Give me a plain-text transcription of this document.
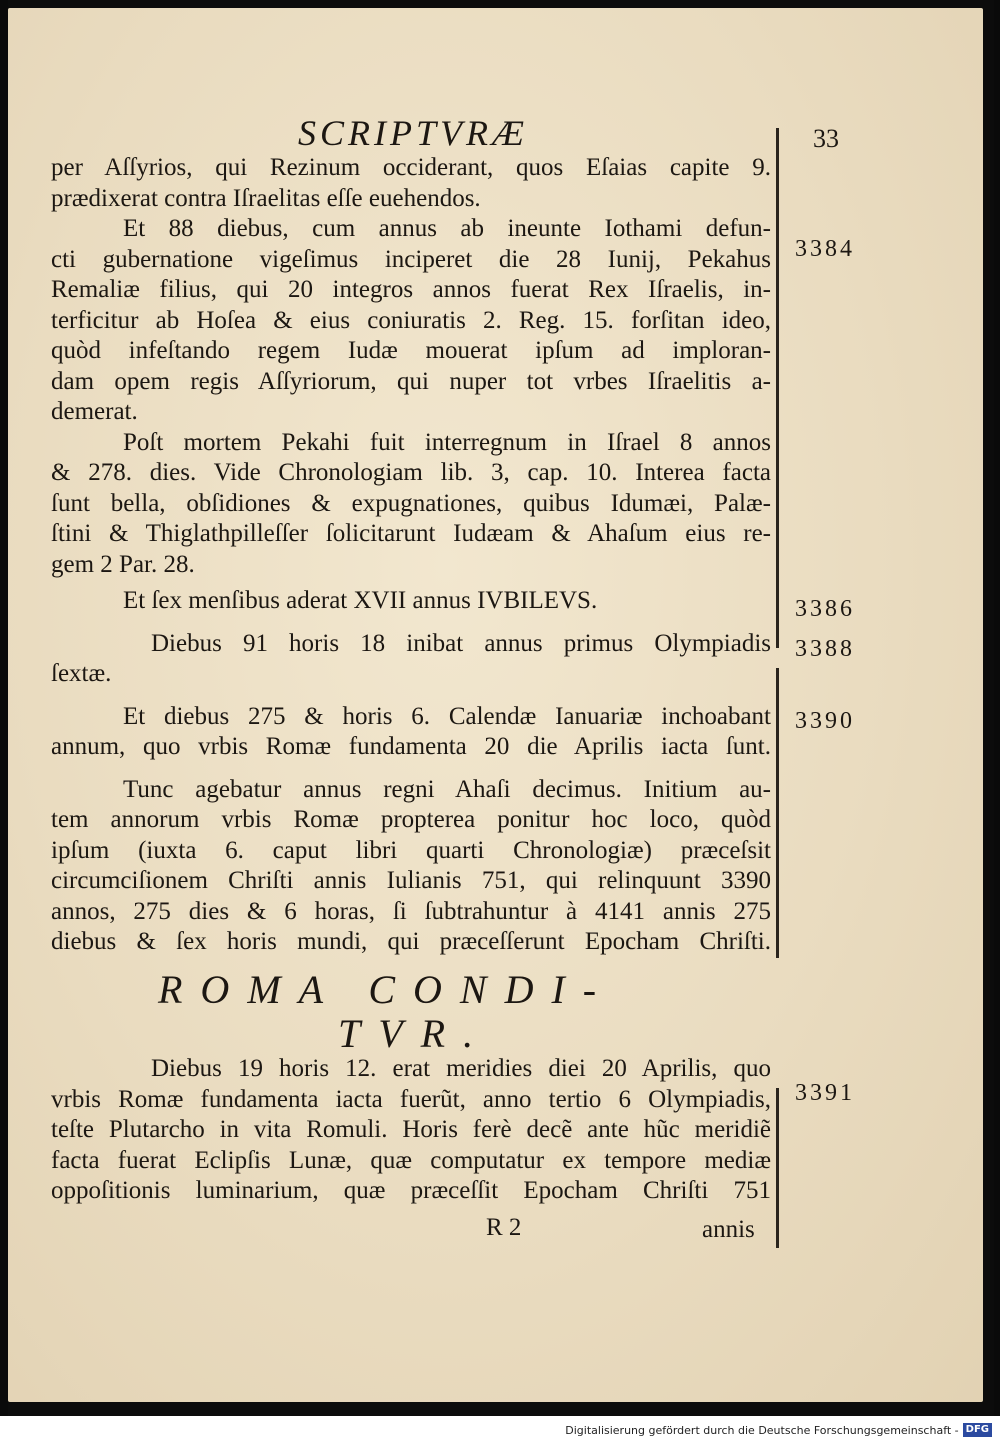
SCRIPTVRÆ	33
per Aſſyrios, qui Rezinum occiderant, quos Eſaias capite 9.
prædixerat contra Iſraelitas eſſe euehendos.
Et 88 diebus, cum annus ab ineunte Iothami defun-
cti gubernatione vigeſimus inciperet die 28 Iunij, Pekahus
Remaliæ filius, qui 20 integros annos fuerat Rex Iſraelis, in-
terficitur ab Hoſea & eius coniuratis 2. Reg. 15. forſitan ideo,
quòd infeſtando regem Iudæ mouerat ipſum ad imploran-
dam opem regis Aſſyriorum, qui nuper tot vrbes Iſraelitis a-
demerat.
Poſt mortem Pekahi fuit interregnum in Iſrael 8 annos
& 278. dies. Vide Chronologiam lib. 3, cap. 10. Interea facta
ſunt bella, obſidiones & expugnationes, quibus Idumæi, Palæ-
ſtini & Thiglathpilleſſer ſolicitarunt Iudæam & Ahaſum eius re-
gem 2 Par. 28.
Et ſex menſibus aderat XVII annus IVBILEVS.
Diebus 91 horis 18 inibat annus primus Olympiadis
ſextæ.
Et diebus 275 & horis 6. Calendæ Ianuariæ inchoabant
annum, quo vrbis Romæ fundamenta 20 die Aprilis iacta ſunt.
Tunc agebatur annus regni Ahaſi decimus. Initium au-
tem annorum vrbis Romæ propterea ponitur hoc loco, quòd
ipſum (iuxta 6. caput libri quarti Chronologiæ) præceſsit
circumciſionem Chriſti annis Iulianis 751, qui relinquunt 3390
annos, 275 dies & 6 horas, ſi ſubtrahuntur à 4141 annis 275
diebus & ſex horis mundi, qui præceſſerunt Epocham Chriſti.
ROMA CONDI-
TVR.
Diebus 19 horis 12. erat meridies diei 20 Aprilis, quo
vrbis Romæ fundamenta iacta fuerũt, anno tertio 6 Olympiadis,
teſte Plutarcho in vita Romuli. Horis ferè decẽ ante hũc meridiẽ
facta fuerat Eclipſis Lunæ, quæ computatur ex tempore mediæ
oppoſitionis luminarium, quæ præceſſit Epocham Chriſti 751
R 2	annis
3384
3386
3388
3390
3391
Digitalisierung gefördert durch die Deutsche Forschungsgemeinschaft - DFG
